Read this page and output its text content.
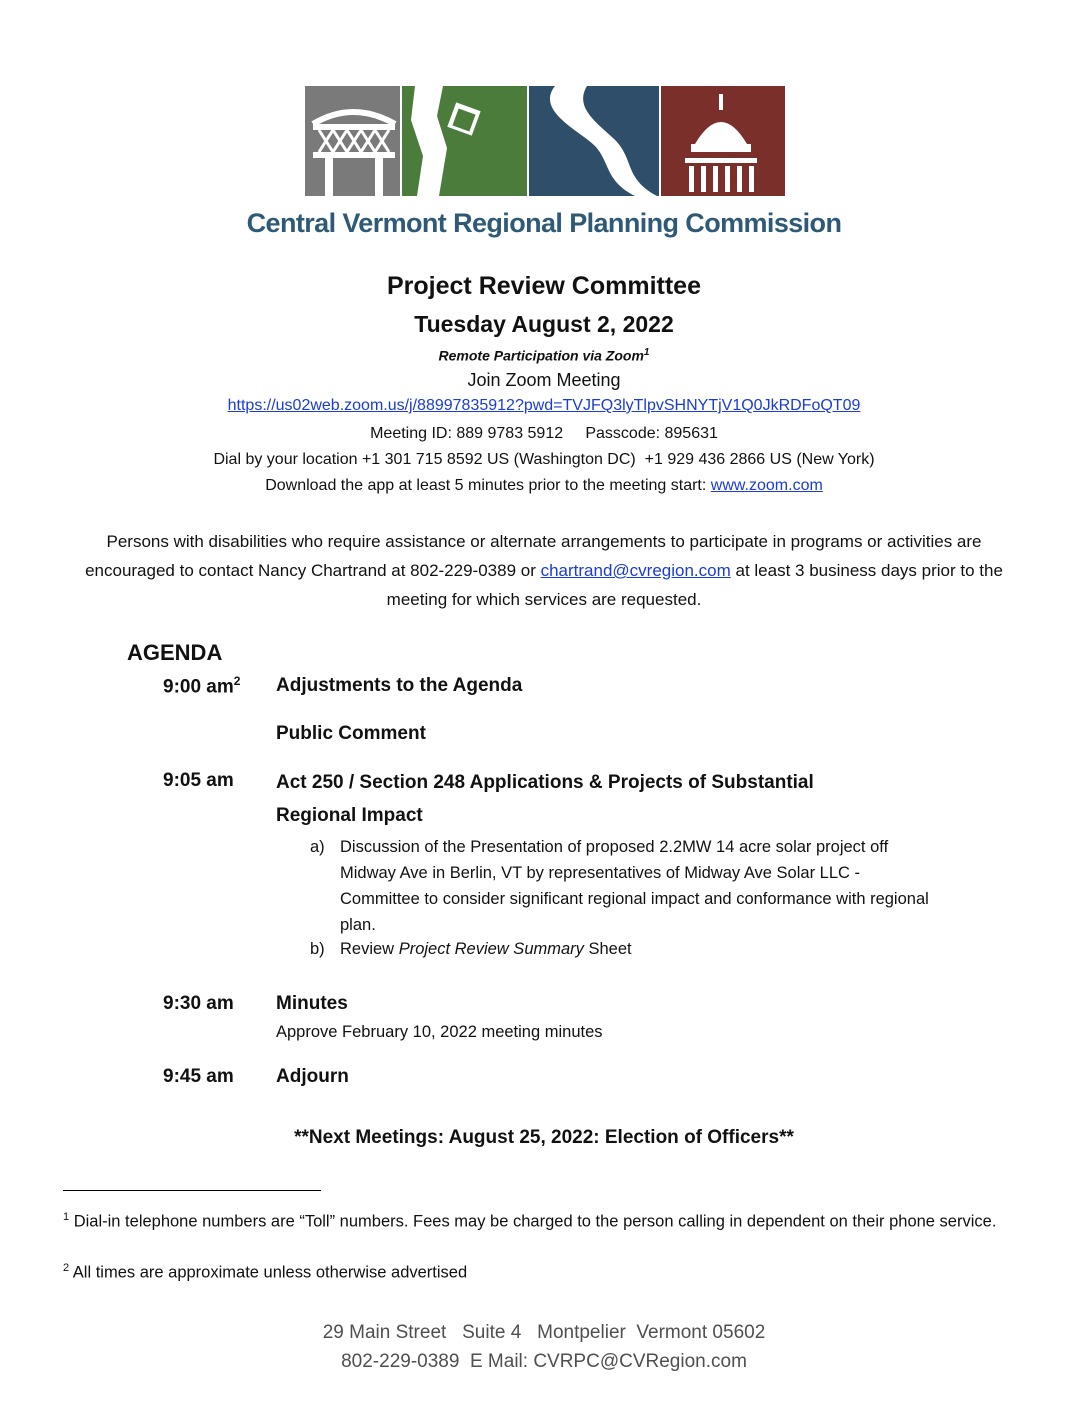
Central Vermont Regional Planning Commission
Project Review Committee
Tuesday August 2, 2022
Remote Participation via Zoom$^1$
Join Zoom Meeting
https://us02web.zoom.us/j/88997835912?pwd=TVJFQ3lyTlpvSHNYTjV1Q0JkRDFoQT09
Meeting ID: 889 9783 5912     Passcode: 895631
Dial by your location +1 301 715 8592 US (Washington DC)  +1 929 436 2866 US (New York)
Download the app at least 5 minutes prior to the meeting start: www.zoom.com
Persons with disabilities who require assistance or alternate arrangements to participate in programs or activities are encouraged to contact Nancy Chartrand at 802-229-0389 or chartrand@cvregion.com at least 3 business days prior to the meeting for which services are requested.
AGENDA
9:00 $am^2$ Adjustments to the Agenda
Public Comment
9:05 am Act 250 / Section 248 Applications & Projects of Substantial
Regional Impact
a) Discussion of the Presentation of proposed 2.2MW 14 acre solar project off Midway Ave in Berlin, VT by representatives of Midway Ave Solar LLC - Committee to consider significant regional impact and conformance with regional plan.
b) Review Project Review Summary Sheet
9:30 am Minutes
Approve February 10, 2022 meeting minutes
9:45 am Adjourn
**Next Meetings: August 25, 2022: Election of Officers**
$^1$ Dial-in telephone numbers are “Toll” numbers. Fees may be charged to the person calling in dependent on their phone service.
$^2$ All times are approximate unless otherwise advertised
29 Main Street   Suite 4   Montpelier  Vermont 05602
802-229-0389  E Mail: CVRPC@CVRegion.com
